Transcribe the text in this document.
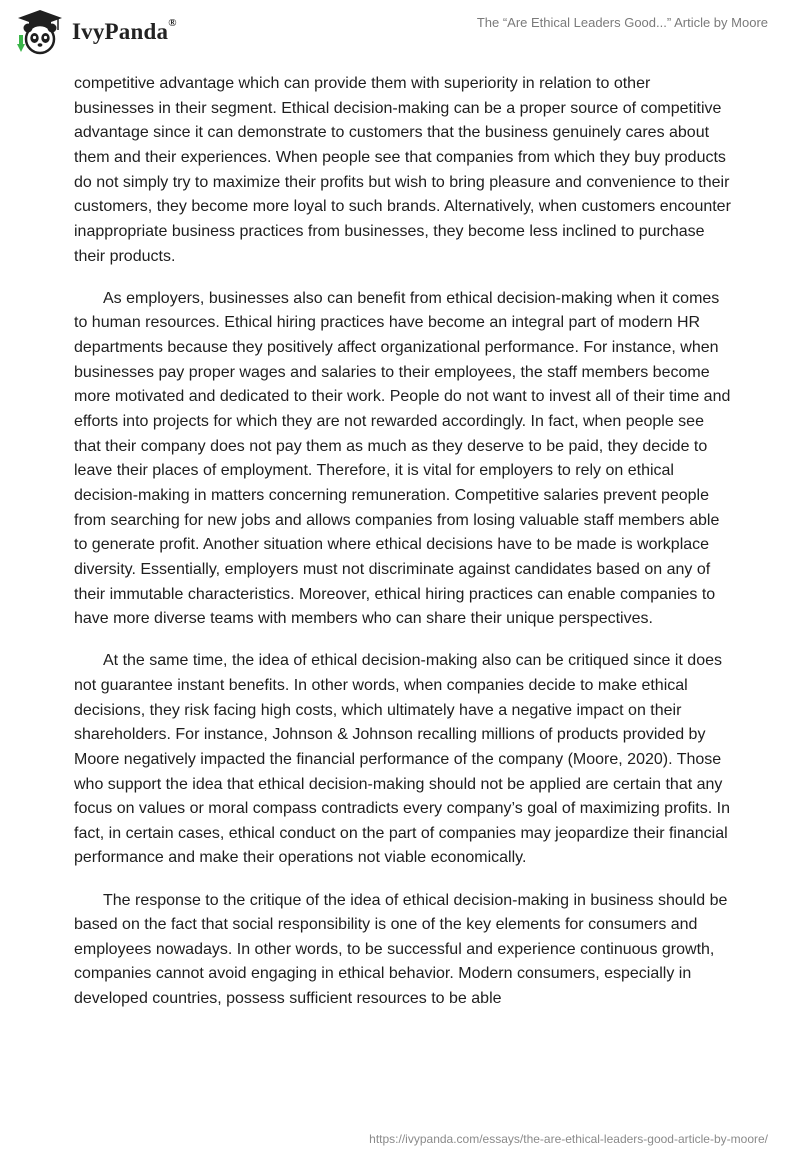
IvyPanda®	The “Are Ethical Leaders Good...” Article by Moore

competitive advantage which can provide them with superiority in relation to other businesses in their segment. Ethical decision-making can be a proper source of competitive advantage since it can demonstrate to customers that the business genuinely cares about them and their experiences. When people see that companies from which they buy products do not simply try to maximize their profits but wish to bring pleasure and convenience to their customers, they become more loyal to such brands. Alternatively, when customers encounter inappropriate business practices from businesses, they become less inclined to purchase their products.

As employers, businesses also can benefit from ethical decision-making when it comes to human resources. Ethical hiring practices have become an integral part of modern HR departments because they positively affect organizational performance. For instance, when businesses pay proper wages and salaries to their employees, the staff members become more motivated and dedicated to their work. People do not want to invest all of their time and efforts into projects for which they are not rewarded accordingly. In fact, when people see that their company does not pay them as much as they deserve to be paid, they decide to leave their places of employment. Therefore, it is vital for employers to rely on ethical decision-making in matters concerning remuneration. Competitive salaries prevent people from searching for new jobs and allows companies from losing valuable staff members able to generate profit. Another situation where ethical decisions have to be made is workplace diversity. Essentially, employers must not discriminate against candidates based on any of their immutable characteristics. Moreover, ethical hiring practices can enable companies to have more diverse teams with members who can share their unique perspectives.

At the same time, the idea of ethical decision-making also can be critiqued since it does not guarantee instant benefits. In other words, when companies decide to make ethical decisions, they risk facing high costs, which ultimately have a negative impact on their shareholders. For instance, Johnson & Johnson recalling millions of products provided by Moore negatively impacted the financial performance of the company (Moore, 2020). Those who support the idea that ethical decision-making should not be applied are certain that any focus on values or moral compass contradicts every company’s goal of maximizing profits. In fact, in certain cases, ethical conduct on the part of companies may jeopardize their financial performance and make their operations not viable economically.

The response to the critique of the idea of ethical decision-making in business should be based on the fact that social responsibility is one of the key elements for consumers and employees nowadays. In other words, to be successful and experience continuous growth, companies cannot avoid engaging in ethical behavior. Modern consumers, especially in developed countries, possess sufficient resources to be able

https://ivypanda.com/essays/the-are-ethical-leaders-good-article-by-moore/
